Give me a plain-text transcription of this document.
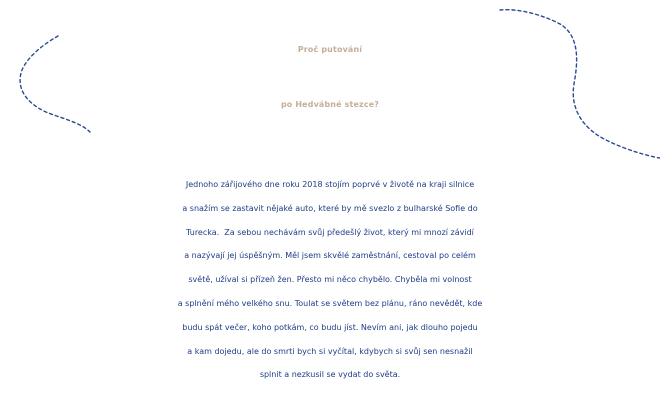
Proč putování
po Hedvábné stezce?
Jednoho zářijového dne roku 2018 stojím poprvé v životě na kraji silnice
a snažím se zastavit nějaké auto, které by mě svezlo z bulharské Sofie do
Turecka.  Za sebou nechávám svůj předešlý život, který mi mnozí závidí
a nazývají jej úspěšným. Měl jsem skvělé zaměstnání, cestoval po celém
světě, užíval si přízeň žen. Přesto mi něco chybělo. Chyběla mi volnost
a splnění mého velkého snu. Toulat se světem bez plánu, ráno nevědět, kde
budu spát večer, koho potkám, co budu jíst. Nevím ani, jak dlouho pojedu
a kam dojedu, ale do smrti bych si vyčítal, kdybych si svůj sen nesnažil
splnit a nezkusil se vydat do světa.
